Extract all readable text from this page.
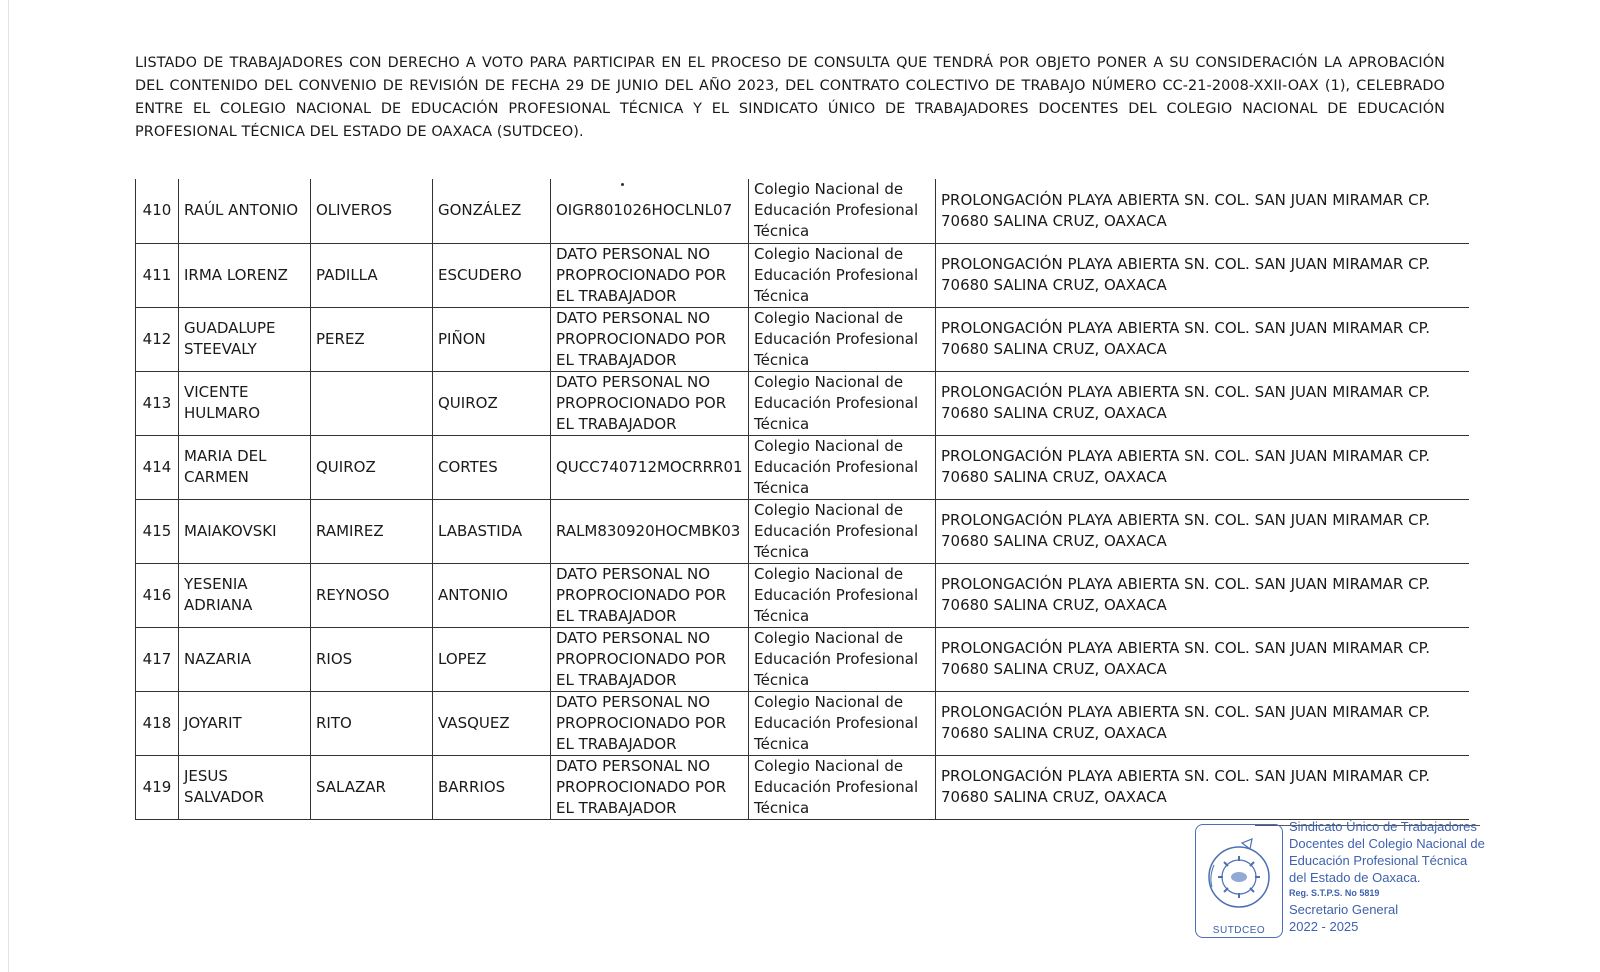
LISTADO DE TRABAJADORES CON DERECHO A VOTO PARA PARTICIPAR EN EL PROCESO DE CONSULTA QUE TENDRÁ POR OBJETO PONER A SU CONSIDERACIÓN LA APROBACIÓN DEL CONTENIDO DEL CONVENIO DE REVISIÓN DE FECHA 29 DE JUNIO DEL AÑO 2023, DEL CONTRATO COLECTIVO DE TRABAJO NÚMERO CC-21-2008-XXII-OAX (1), CELEBRADO ENTRE EL COLEGIO NACIONAL DE EDUCACIÓN PROFESIONAL TÉCNICA Y EL SINDICATO ÚNICO DE TRABAJADORES DOCENTES DEL COLEGIO NACIONAL DE EDUCACIÓN PROFESIONAL TÉCNICA DEL ESTADO DE OAXACA (SUTDCEO).
410	RAÚL ANTONIO	OLIVEROS	GONZÁLEZ	OIGR801026HOCLNL07	Colegio Nacional de Educación Profesional Técnica	PROLONGACIÓN PLAYA ABIERTA SN. COL. SAN JUAN MIRAMAR CP. 70680 SALINA CRUZ, OAXACA
411	IRMA LORENZ	PADILLA	ESCUDERO	DATO PERSONAL NO PROPROCIONADO POR EL TRABAJADOR	Colegio Nacional de Educación Profesional Técnica	PROLONGACIÓN PLAYA ABIERTA SN. COL. SAN JUAN MIRAMAR CP. 70680 SALINA CRUZ, OAXACA
412	GUADALUPE STEEVALY	PEREZ	PIÑON	DATO PERSONAL NO PROPROCIONADO POR EL TRABAJADOR	Colegio Nacional de Educación Profesional Técnica	PROLONGACIÓN PLAYA ABIERTA SN. COL. SAN JUAN MIRAMAR CP. 70680 SALINA CRUZ, OAXACA
413	VICENTE HULMARO		QUIROZ	DATO PERSONAL NO PROPROCIONADO POR EL TRABAJADOR	Colegio Nacional de Educación Profesional Técnica	PROLONGACIÓN PLAYA ABIERTA SN. COL. SAN JUAN MIRAMAR CP. 70680 SALINA CRUZ, OAXACA
414	MARIA DEL CARMEN	QUIROZ	CORTES	QUCC740712MOCRRR01	Colegio Nacional de Educación Profesional Técnica	PROLONGACIÓN PLAYA ABIERTA SN. COL. SAN JUAN MIRAMAR CP. 70680 SALINA CRUZ, OAXACA
415	MAIAKOVSKI	RAMIREZ	LABASTIDA	RALM830920HOCMBK03	Colegio Nacional de Educación Profesional Técnica	PROLONGACIÓN PLAYA ABIERTA SN. COL. SAN JUAN MIRAMAR CP. 70680 SALINA CRUZ, OAXACA
416	YESENIA ADRIANA	REYNOSO	ANTONIO	DATO PERSONAL NO PROPROCIONADO POR EL TRABAJADOR	Colegio Nacional de Educación Profesional Técnica	PROLONGACIÓN PLAYA ABIERTA SN. COL. SAN JUAN MIRAMAR CP. 70680 SALINA CRUZ, OAXACA
417	NAZARIA	RIOS	LOPEZ	DATO PERSONAL NO PROPROCIONADO POR EL TRABAJADOR	Colegio Nacional de Educación Profesional Técnica	PROLONGACIÓN PLAYA ABIERTA SN. COL. SAN JUAN MIRAMAR CP. 70680 SALINA CRUZ, OAXACA
418	JOYARIT	RITO	VASQUEZ	DATO PERSONAL NO PROPROCIONADO POR EL TRABAJADOR	Colegio Nacional de Educación Profesional Técnica	PROLONGACIÓN PLAYA ABIERTA SN. COL. SAN JUAN MIRAMAR CP. 70680 SALINA CRUZ, OAXACA
419	JESUS SALVADOR	SALAZAR	BARRIOS	DATO PERSONAL NO PROPROCIONADO POR EL TRABAJADOR	Colegio Nacional de Educación Profesional Técnica	PROLONGACIÓN PLAYA ABIERTA SN. COL. SAN JUAN MIRAMAR CP. 70680 SALINA CRUZ, OAXACA
SUTDCEO
Sindicato Único de Trabajadores
Docentes del Colegio Nacional de
Educación Profesional Técnica
del Estado de Oaxaca.
Reg. S.T.P.S. No 5819
Secretario General
2022 - 2025
